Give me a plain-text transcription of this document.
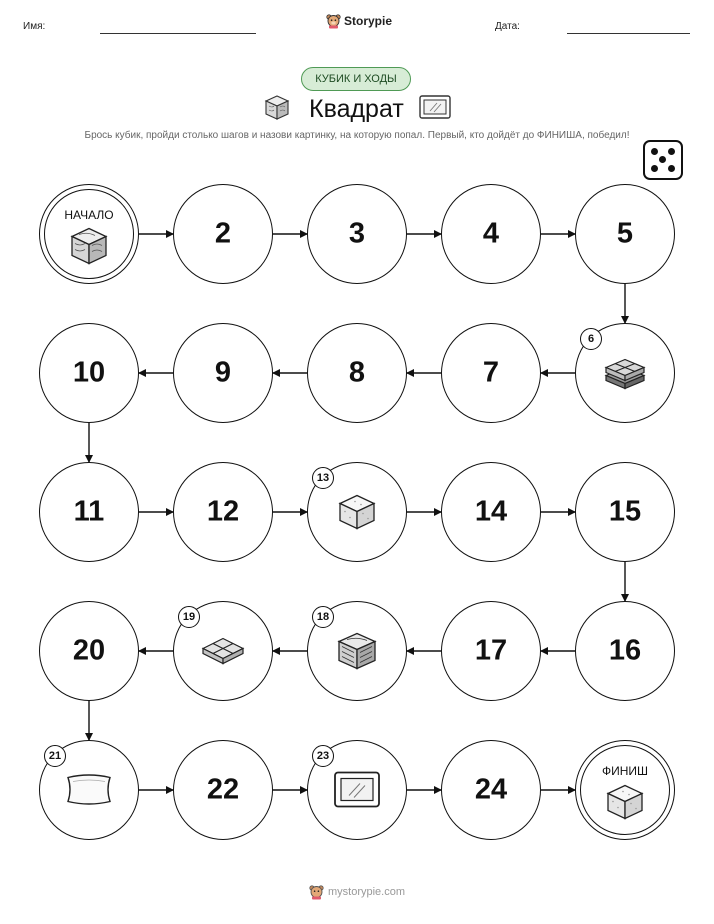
Имя:	Storypie	Дата:
КУБИК И ХОДЫ
Квадрат
Брось кубик, пройди столько шагов и назови картинку, на которую попал. Первый, кто дойдёт до ФИНИША, победил!
НАЧАЛО
2	3	4	5
6
7
8
9
10
11	12
13
14	15
16
17
18
19
20
21
22
23
24
ФИНИШ
mystorypie.com
